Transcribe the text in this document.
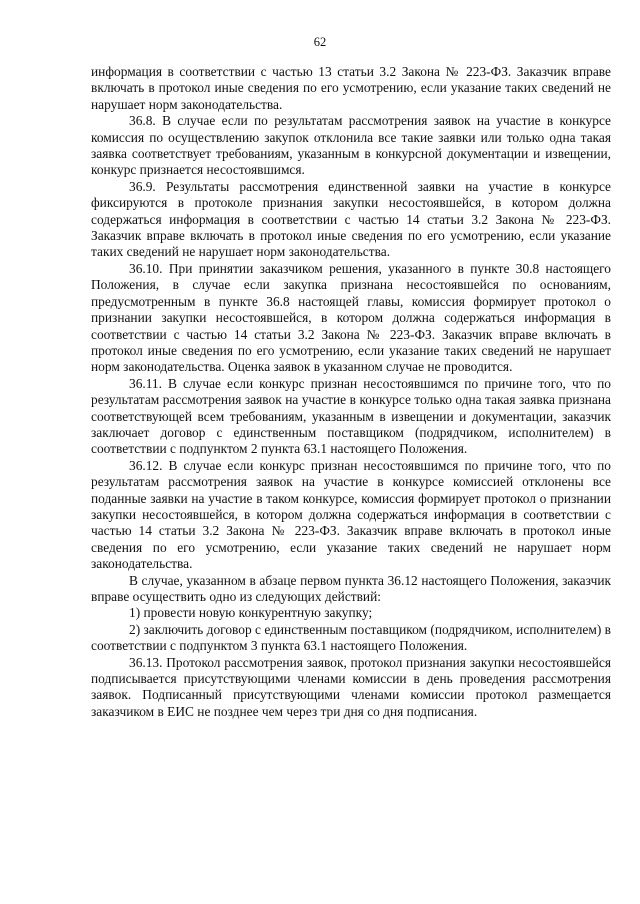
62

информация в соответствии с частью 13 статьи 3.2 Закона № 223-ФЗ. Заказчик вправе включать в протокол иные сведения по его усмотрению, если указание таких сведений не нарушает норм законодательства.

36.8. В случае если по результатам рассмотрения заявок на участие в конкурсе комиссия по осуществлению закупок отклонила все такие заявки или только одна такая заявка соответствует требованиям, указанным в конкурсной документации и извещении, конкурс признается несостоявшимся.

36.9. Результаты рассмотрения единственной заявки на участие в конкурсе фиксируются в протоколе признания закупки несостоявшейся, в котором должна содержаться информация в соответствии с частью 14 статьи 3.2 Закона № 223-ФЗ. Заказчик вправе включать в протокол иные сведения по его усмотрению, если указание таких сведений не нарушает норм законодательства.

36.10. При принятии заказчиком решения, указанного в пункте 30.8 настоящего Положения, в случае если закупка признана несостоявшейся по основаниям, предусмотренным в пункте 36.8 настоящей главы, комиссия формирует протокол о признании закупки несостоявшейся, в котором должна содержаться информация в соответствии с частью 14 статьи 3.2 Закона № 223-ФЗ. Заказчик вправе включать в протокол иные сведения по его усмотрению, если указание таких сведений не нарушает норм законодательства. Оценка заявок в указанном случае не проводится.

36.11. В случае если конкурс признан несостоявшимся по причине того, что по результатам рассмотрения заявок на участие в конкурсе только одна такая заявка признана соответствующей всем требованиям, указанным в извещении и документации, заказчик заключает договор с единственным поставщиком (подрядчиком, исполнителем) в соответствии с подпунктом 2 пункта 63.1 настоящего Положения.

36.12. В случае если конкурс признан несостоявшимся по причине того, что по результатам рассмотрения заявок на участие в конкурсе комиссией отклонены все поданные заявки на участие в таком конкурсе, комиссия формирует протокол о признании закупки несостоявшейся, в котором должна содержаться информация в соответствии с частью 14 статьи 3.2 Закона № 223-ФЗ. Заказчик вправе включать в протокол иные сведения по его усмотрению, если указание таких сведений не нарушает норм законодательства.

В случае, указанном в абзаце первом пункта 36.12 настоящего Положения, заказчик вправе осуществить одно из следующих действий:

1) провести новую конкурентную закупку;

2) заключить договор с единственным поставщиком (подрядчиком, исполнителем) в соответствии с подпунктом 3 пункта 63.1 настоящего Положения.

36.13. Протокол рассмотрения заявок, протокол признания закупки несостоявшейся подписывается присутствующими членами комиссии в день проведения рассмотрения заявок. Подписанный присутствующими членами комиссии протокол размещается заказчиком в ЕИС не позднее чем через три дня со дня подписания.
